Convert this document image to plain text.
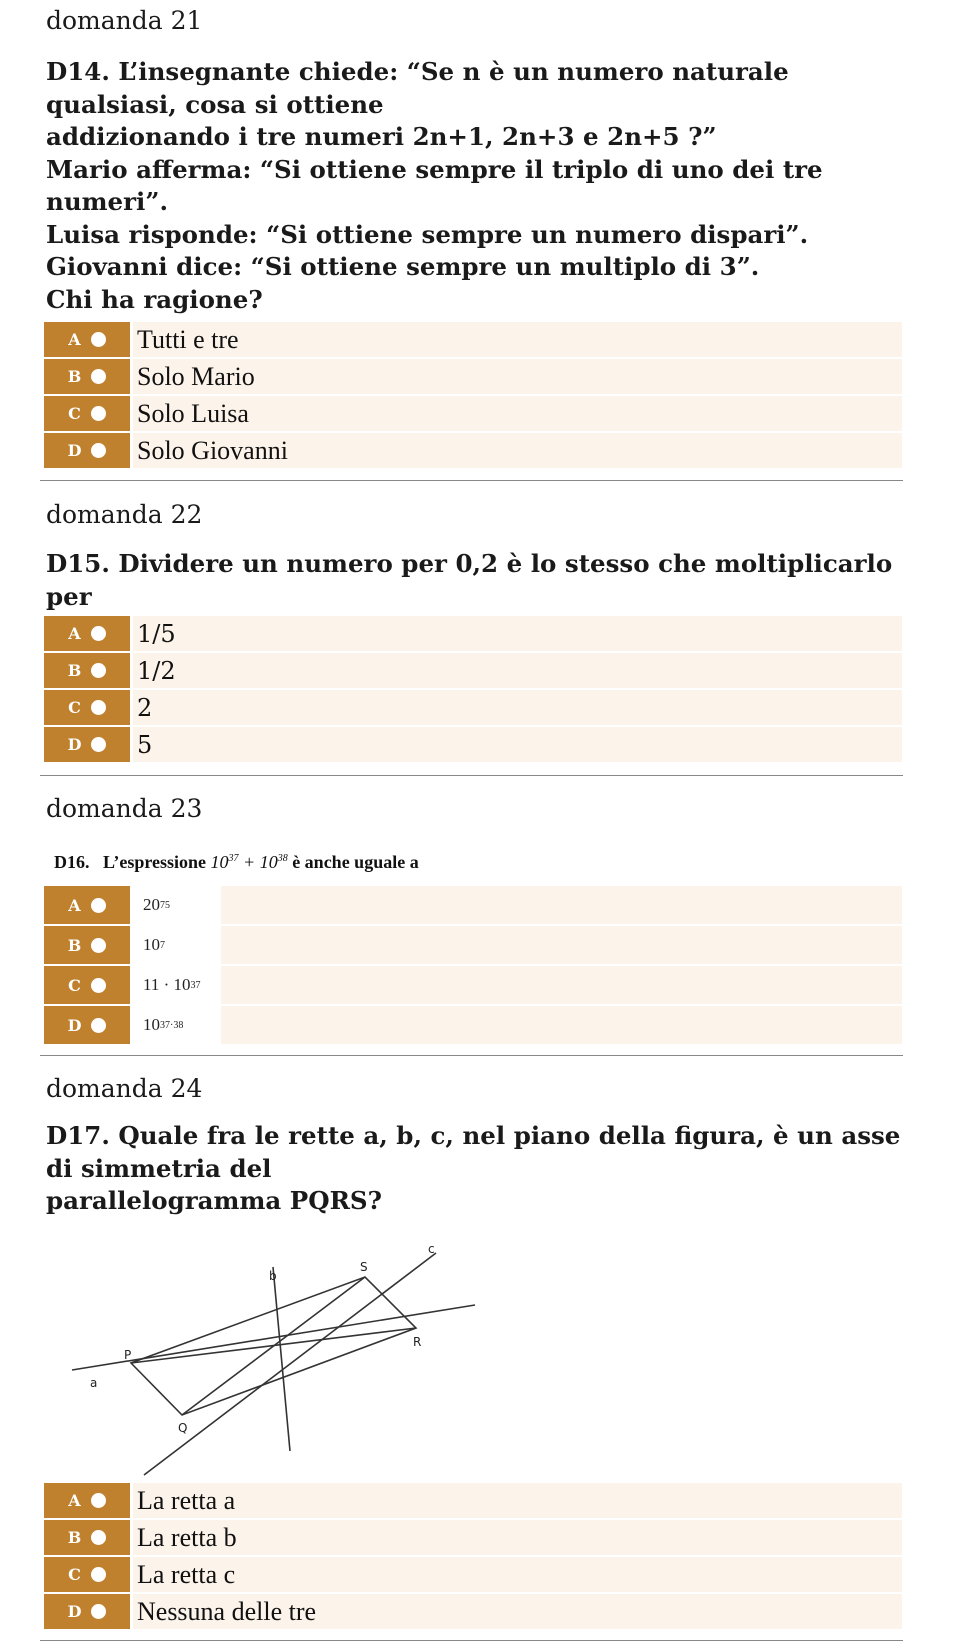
domanda 21
D14. L’insegnante chiede: “Se n è un numero naturale
qualsiasi, cosa si ottiene
addizionando i tre numeri 2n+1, 2n+3 e 2n+5 ?”
Mario afferma: “Si ottiene sempre il triplo di uno dei tre
numeri”.
Luisa risponde: “Si ottiene sempre un numero dispari”.
Giovanni dice: “Si ottiene sempre un multiplo di 3”.
Chi ha ragione?
A Tutti e tre
B Solo Mario
C Solo Luisa
D Solo Giovanni
domanda 22
D15. Dividere un numero per 0,2 è lo stesso che moltiplicarlo
per
A 1/5
B 1/2
C 2
D 5
domanda 23
D16. L’espressione $10^{37} + 10^{38}$ è anche uguale a
A	20 75
B	10 7
C	11 · 10 37
D	10 37·38
domanda 24
D17. Quale fra le rette a, b, c, nel piano della figura, è un asse
di simmetria del
parallelogramma PQRS?
a
b
c
P
Q
R
S
A La retta a
B La retta b
C La retta c
D Nessuna delle tre
